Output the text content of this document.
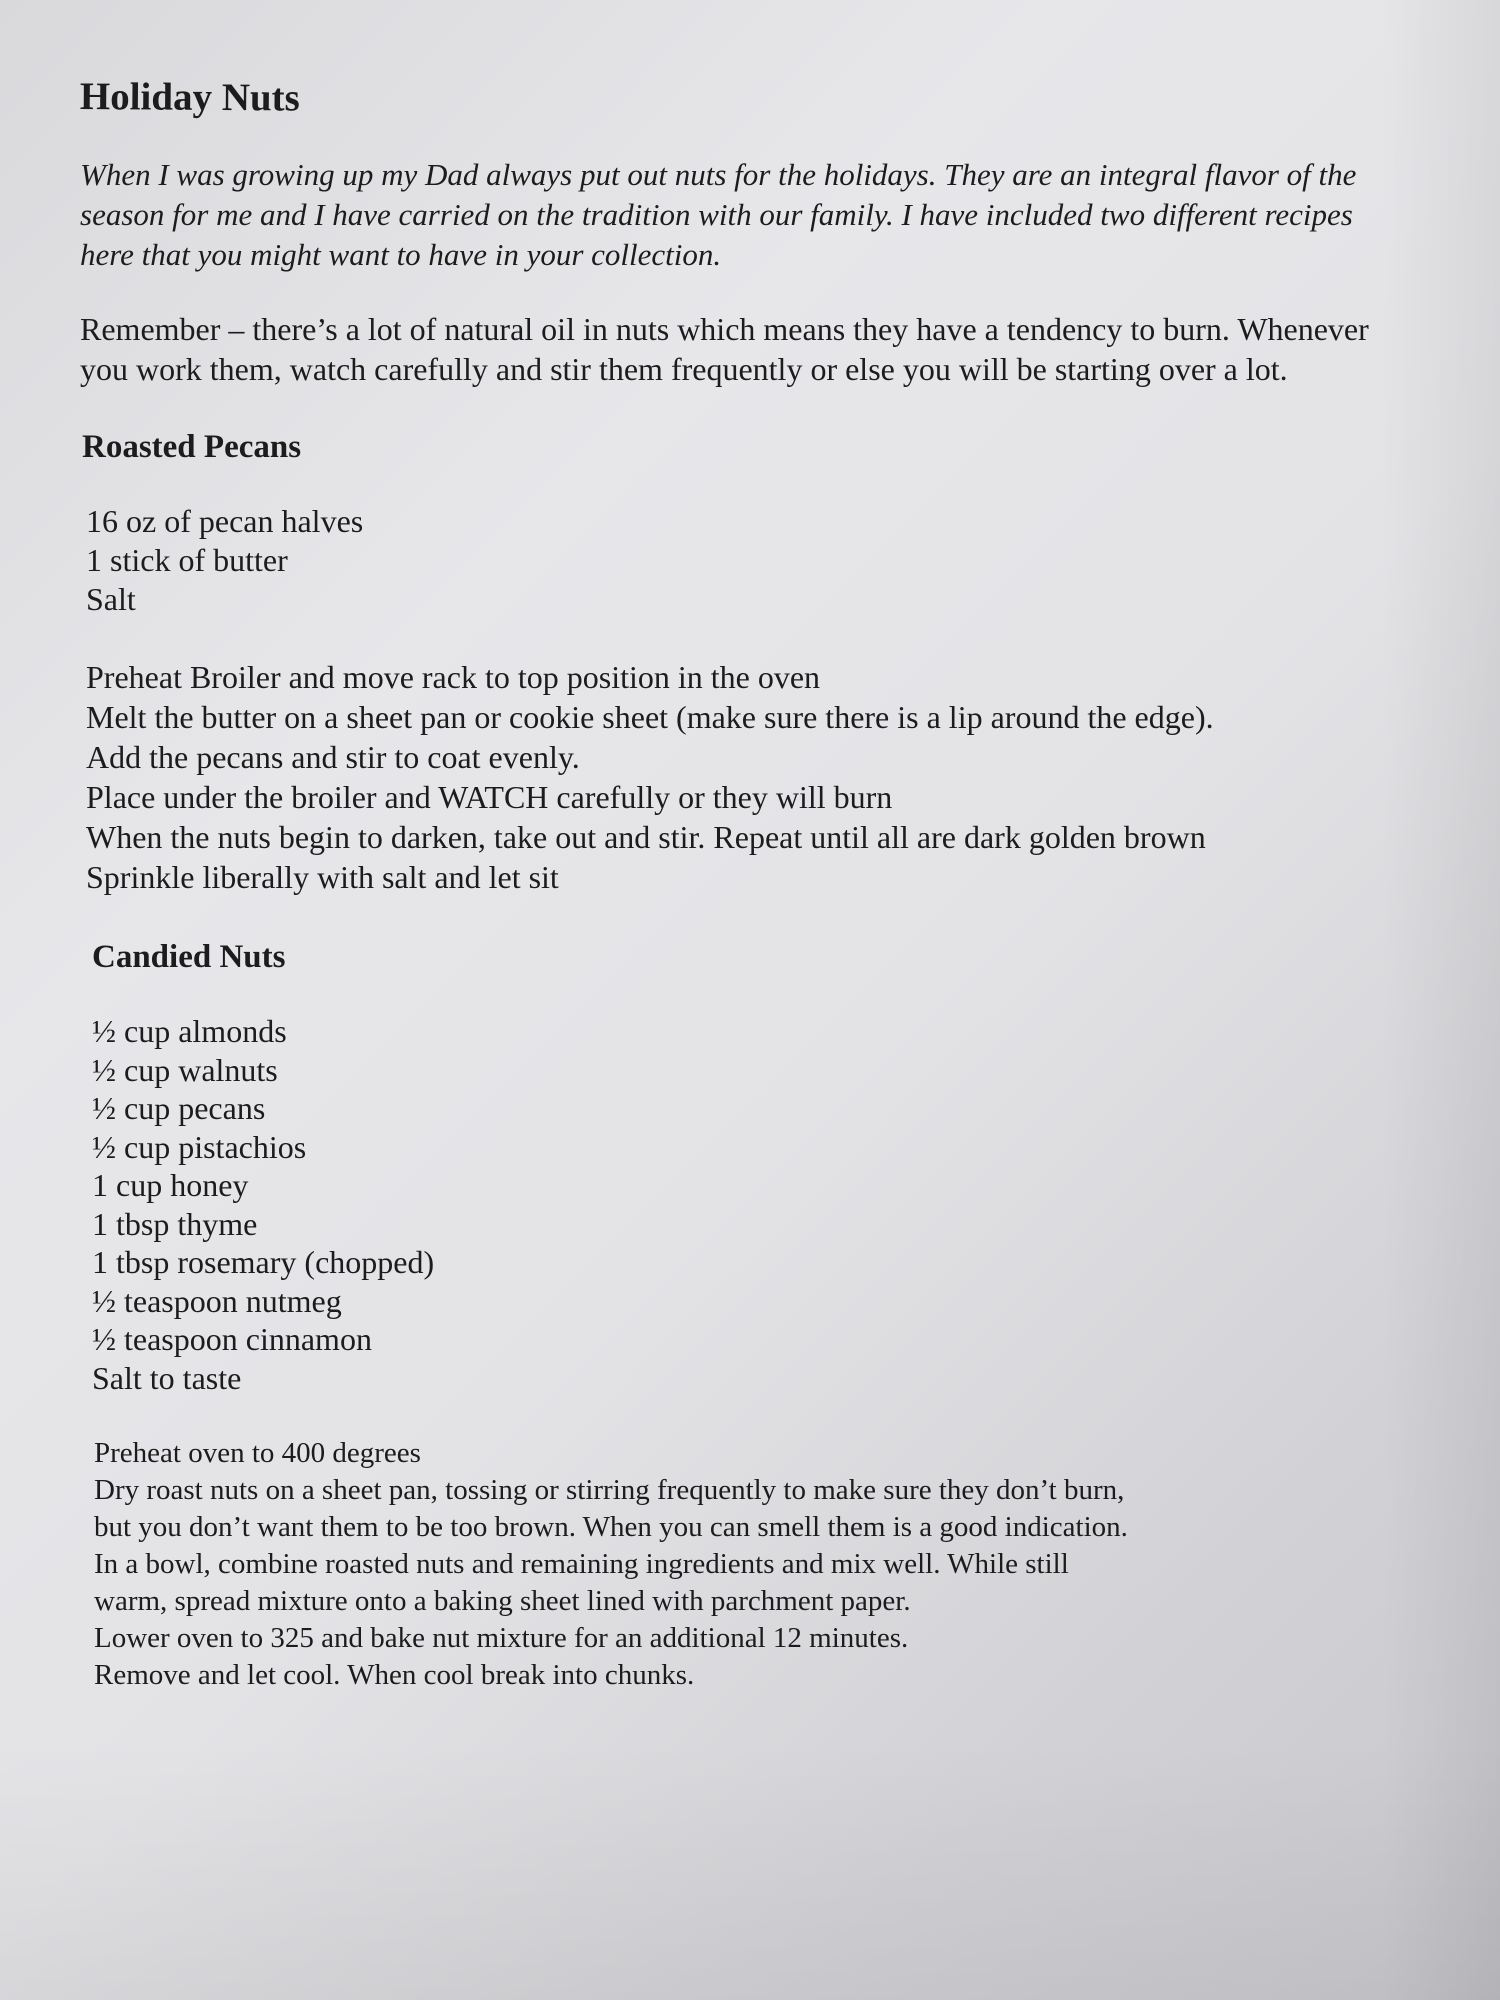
Holiday Nuts

When I was growing up my Dad always put out nuts for the holidays. They are an integral flavor of the season for me and I have carried on the tradition with our family. I have included two different recipes here that you might want to have in your collection.

Remember – there’s a lot of natural oil in nuts which means they have a tendency to burn. Whenever you work them, watch carefully and stir them frequently or else you will be starting over a lot.

Roasted Pecans
16 oz of pecan halves
1 stick of butter
Salt
Preheat Broiler and move rack to top position in the oven
Melt the butter on a sheet pan or cookie sheet (make sure there is a lip around the edge).
Add the pecans and stir to coat evenly.
Place under the broiler and WATCH carefully or they will burn
When the nuts begin to darken, take out and stir. Repeat until all are dark golden brown
Sprinkle liberally with salt and let sit
Candied Nuts
½ cup almonds
½ cup walnuts
½ cup pecans
½ cup pistachios
1 cup honey
1 tbsp thyme
1 tbsp rosemary (chopped)
½ teaspoon nutmeg
½ teaspoon cinnamon
Salt to taste
Preheat oven to 400 degrees
Dry roast nuts on a sheet pan, tossing or stirring frequently to make sure they don’t burn,
but you don’t want them to be too brown. When you can smell them is a good indication.
In a bowl, combine roasted nuts and remaining ingredients and mix well. While still
warm, spread mixture onto a baking sheet lined with parchment paper.
Lower oven to 325 and bake nut mixture for an additional 12 minutes.
Remove and let cool. When cool break into chunks.
